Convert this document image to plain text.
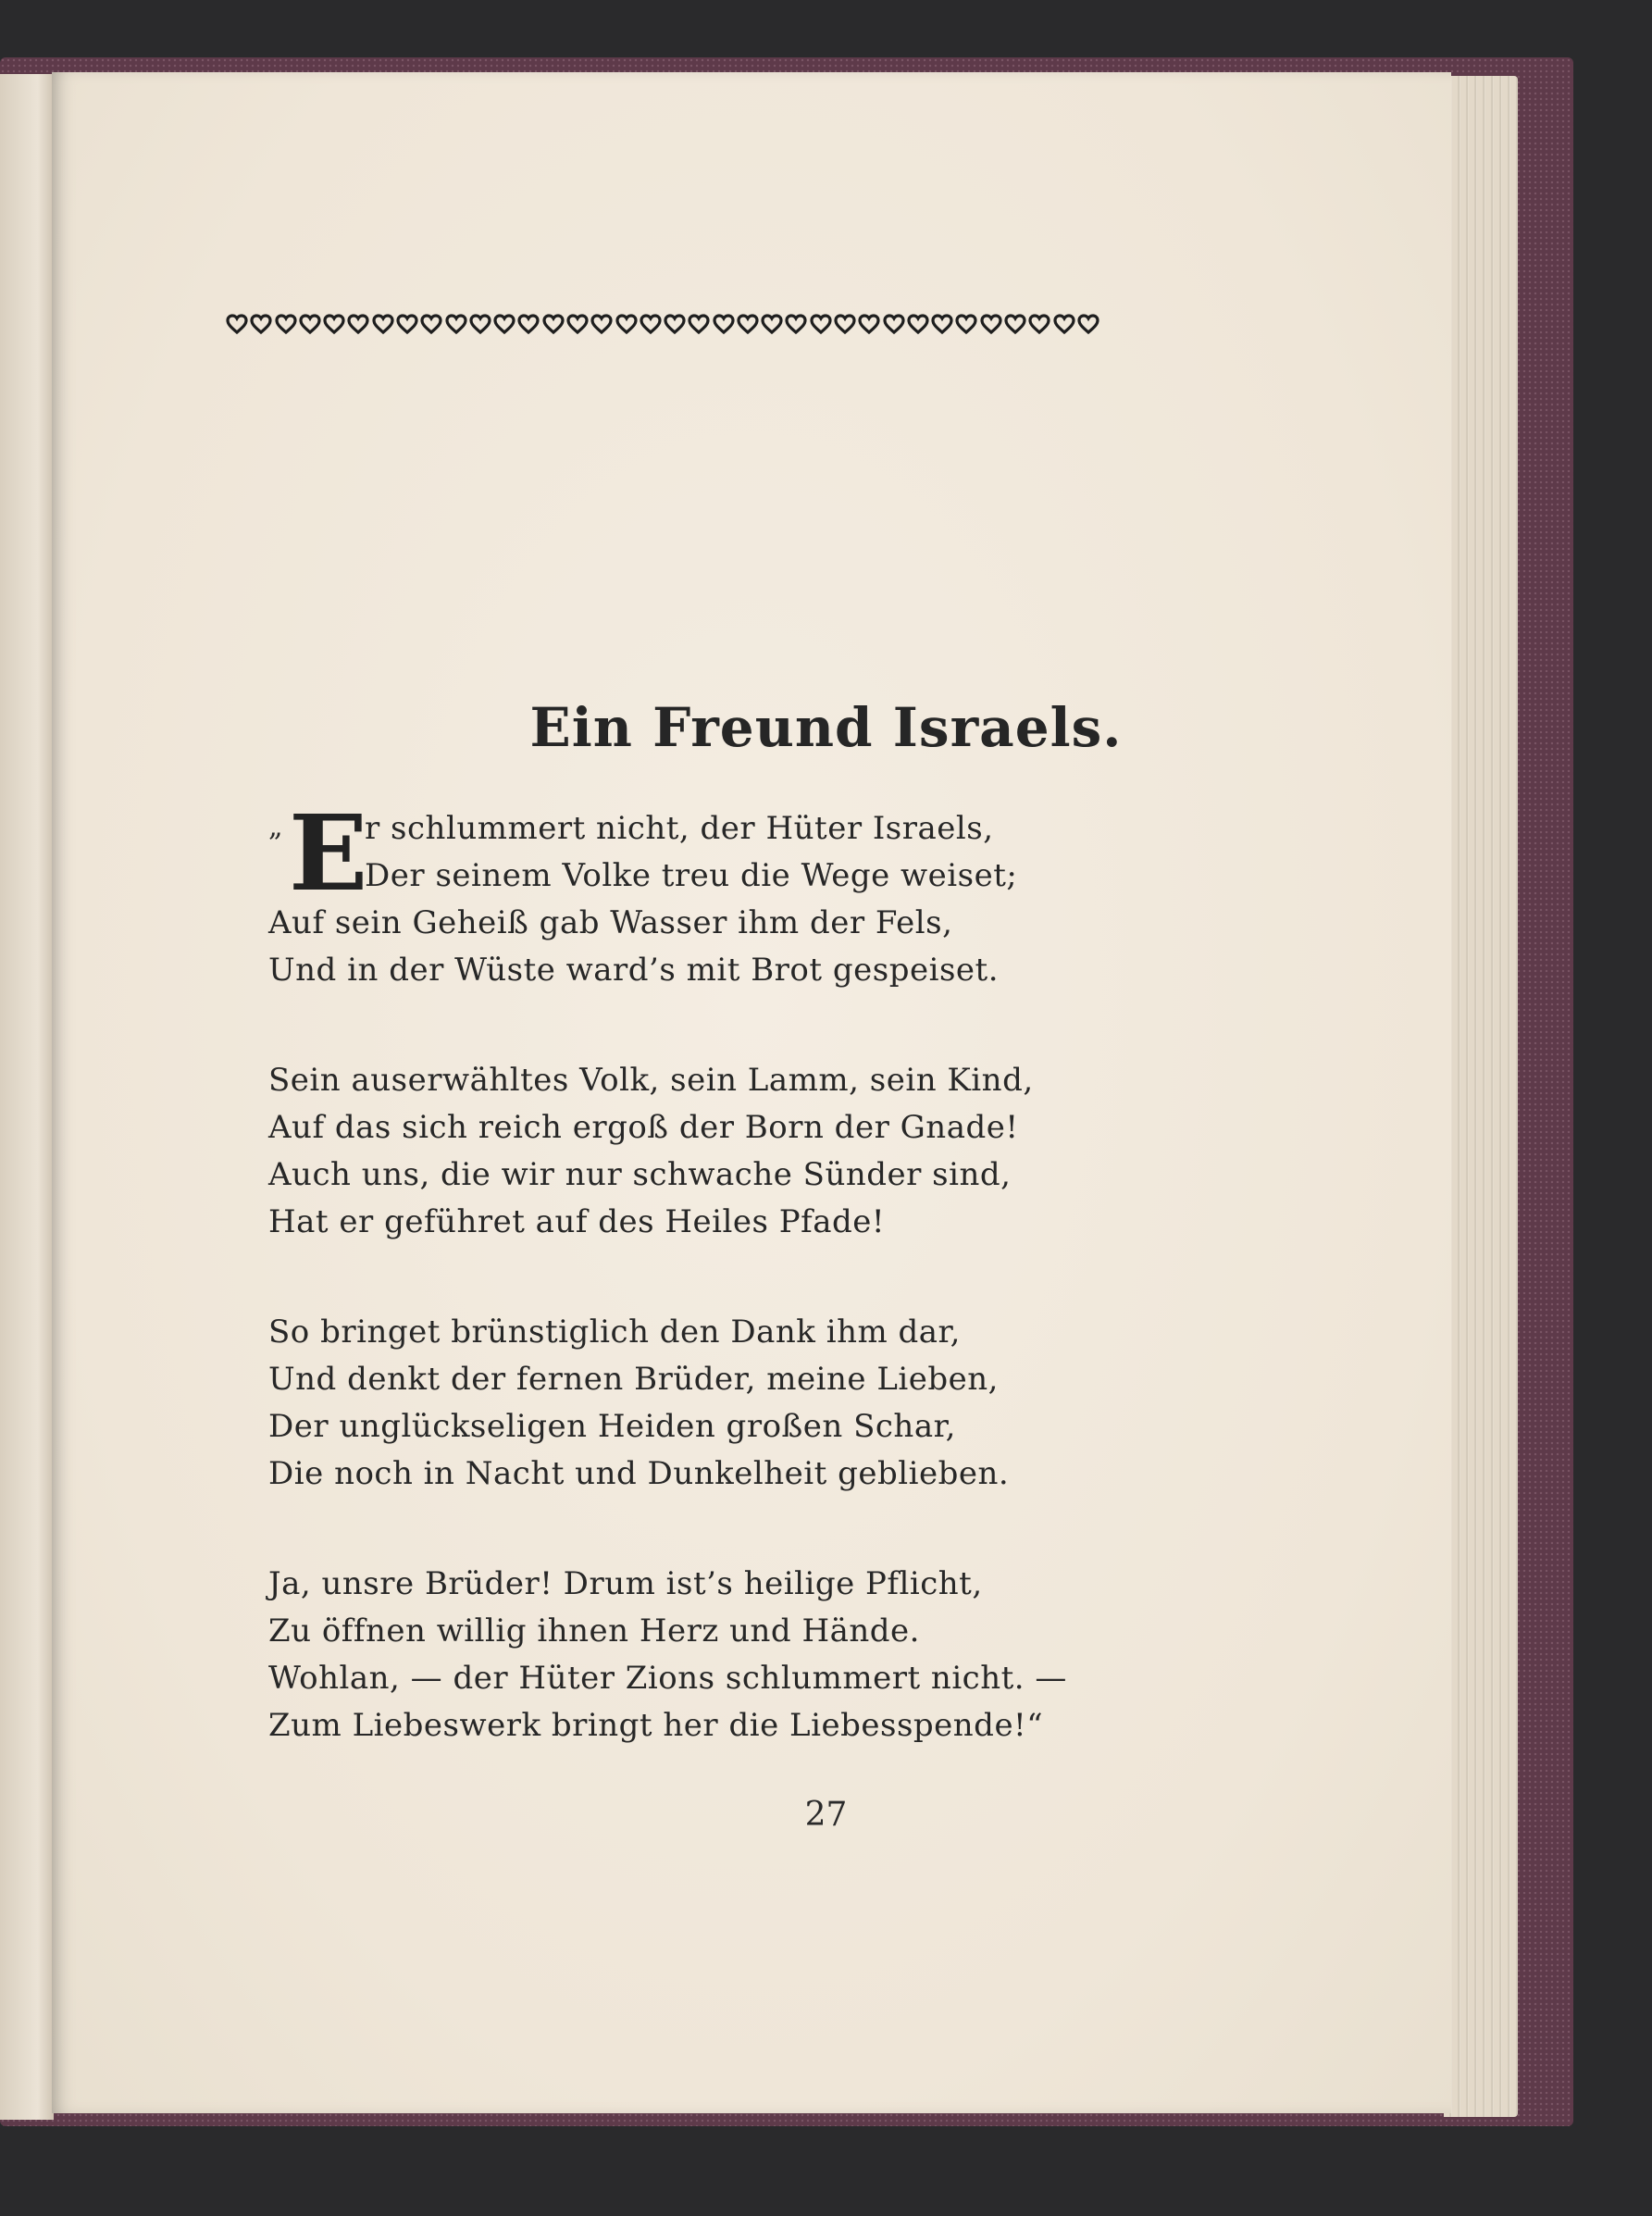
Ein Freund Israels.
„ E
r schlummert nicht, der Hüter Israels,
Der seinem Volke treu die Wege weiset;
Auf sein Geheiß gab Wasser ihm der Fels,
Und in der Wüste ward’s mit Brot gespeiset.
Sein auserwähltes Volk, sein Lamm, sein Kind,
Auf das sich reich ergoß der Born der Gnade!
Auch uns, die wir nur schwache Sünder sind,
Hat er geführet auf des Heiles Pfade!
So bringet brünstiglich den Dank ihm dar,
Und denkt der fernen Brüder, meine Lieben,
Der unglückseligen Heiden großen Schar,
Die noch in Nacht und Dunkelheit geblieben.
Ja, unsre Brüder! Drum ist’s heilige Pflicht,
Zu öffnen willig ihnen Herz und Hände.
Wohlan, — der Hüter Zions schlummert nicht. —
Zum Liebeswerk bringt her die Liebesspende!“
27
